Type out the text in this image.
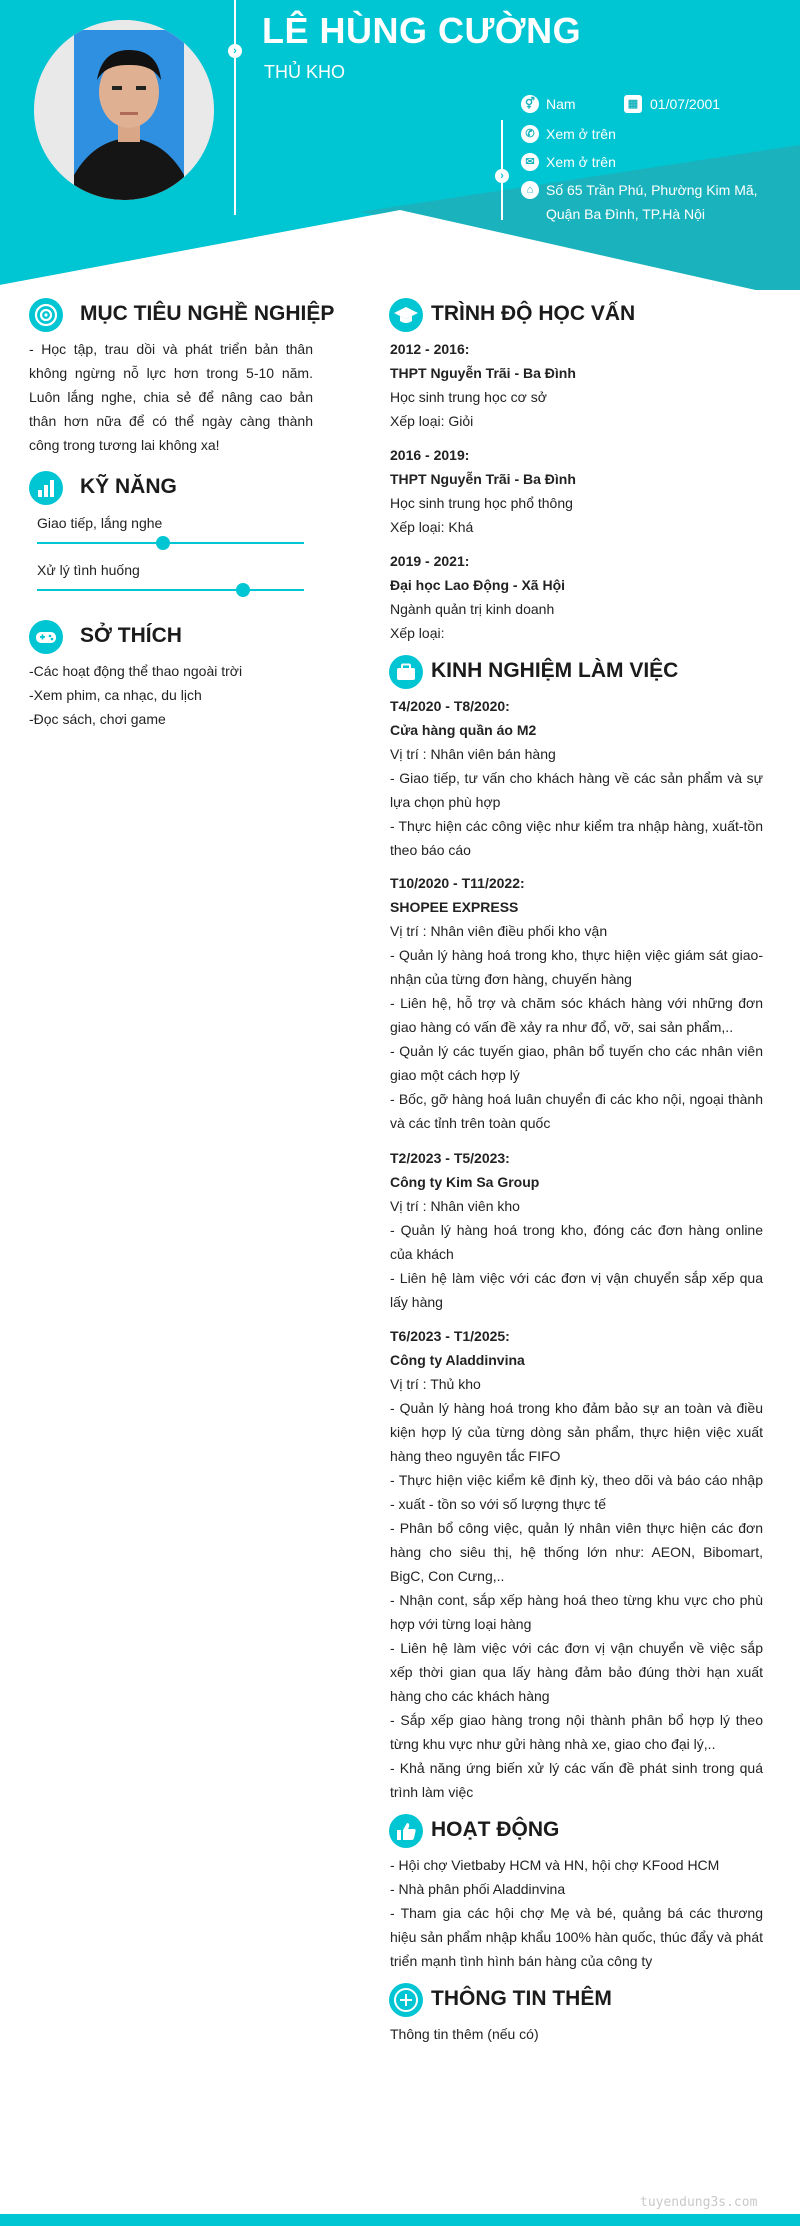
› LÊ HÙNG CƯỜNG
THỦ KHO
›
⚥ Nam	▦ 01/07/2001
✆ Xem ở trên
✉ Xem ở trên
⌂ Số 65 Trần Phú, Phường Kim Mã,
Quận Ba Đình, TP.Hà Nội
MỤC TIÊU NGHỀ NGHIỆP
- Học tập, trau dồi và phát triển bản thân không ngừng nỗ lực hơn trong 5-10 năm. Luôn lắng nghe, chia sẻ để nâng cao bản thân hơn nữa để có thể ngày càng thành công trong tương lai không xa!
KỸ NĂNG
Giao tiếp, lắng nghe
Xử lý tình huống
SỞ THÍCH
-Các hoạt động thể thao ngoài trời
-Xem phim, ca nhạc, du lịch
-Đọc sách, chơi game
TRÌNH ĐỘ HỌC VẤN
2012 - 2016:
THPT Nguyễn Trãi - Ba Đình
Học sinh trung học cơ sở
Xếp loại: Giỏi
2016 - 2019:
THPT Nguyễn Trãi - Ba Đình
Học sinh trung học phổ thông
Xếp loại: Khá
2019 - 2021:
Đại học Lao Động - Xã Hội
Ngành quản trị kinh doanh
Xếp loại:
KINH NGHIỆM LÀM VIỆC
T4/2020 - T8/2020:
Cửa hàng quần áo M2
Vị trí : Nhân viên bán hàng

- Giao tiếp, tư vấn cho khách hàng về các sản phẩm và sự lựa chọn phù hợp

- Thực hiện các công việc như kiểm tra nhập hàng, xuất-tồn theo báo cáo

T10/2020 - T11/2022:
SHOPEE EXPRESS
Vị trí : Nhân viên điều phối kho vận

- Quản lý hàng hoá trong kho, thực hiện việc giám sát giao-nhận của từng đơn hàng, chuyến hàng

- Liên hệ, hỗ trợ và chăm sóc khách hàng với những đơn giao hàng có vấn đề xảy ra như đổ, vỡ, sai sản phẩm,..

- Quản lý các tuyến giao, phân bổ tuyến cho các nhân viên giao một cách hợp lý

- Bốc, gỡ hàng hoá luân chuyển đi các kho nội, ngoại thành và các tỉnh trên toàn quốc

T2/2023 - T5/2023:
Công ty Kim Sa Group
Vị trí : Nhân viên kho

- Quản lý hàng hoá trong kho, đóng các đơn hàng online của khách

- Liên hệ làm việc với các đơn vị vận chuyển sắp xếp qua lấy hàng

T6/2023 - T1/2025:
Công ty Aladdinvina
Vị trí : Thủ kho

- Quản lý hàng hoá trong kho đảm bảo sự an toàn và điều kiện hợp lý của từng dòng sản phẩm, thực hiện việc xuất hàng theo nguyên tắc FIFO

- Thực hiện việc kiểm kê định kỳ, theo dõi và báo cáo nhập - xuất - tồn so với số lượng thực tế

- Phân bổ công việc, quản lý nhân viên thực hiện các đơn hàng cho siêu thị, hệ thống lớn như: AEON, Bibomart, BigC, Con Cưng,..

- Nhận cont, sắp xếp hàng hoá theo từng khu vực cho phù hợp với từng loại hàng

- Liên hệ làm việc với các đơn vị vận chuyển về việc sắp xếp thời gian qua lấy hàng đảm bảo đúng thời hạn xuất hàng cho các khách hàng

- Sắp xếp giao hàng trong nội thành phân bổ hợp lý theo từng khu vực như gửi hàng nhà xe, giao cho đại lý,..

- Khả năng ứng biến xử lý các vấn đề phát sinh trong quá trình làm việc

HOẠT ĐỘNG

- Hội chợ Vietbaby HCM và HN, hội chợ KFood HCM

- Nhà phân phối Aladdinvina

- Tham gia các hội chợ Mẹ và bé, quảng bá các thương hiệu sản phẩm nhập khẩu 100% hàn quốc, thúc đẩy và phát triển mạnh tình hình bán hàng của công ty

THÔNG TIN THÊM
Thông tin thêm (nếu có)
tuyendung3s.com
